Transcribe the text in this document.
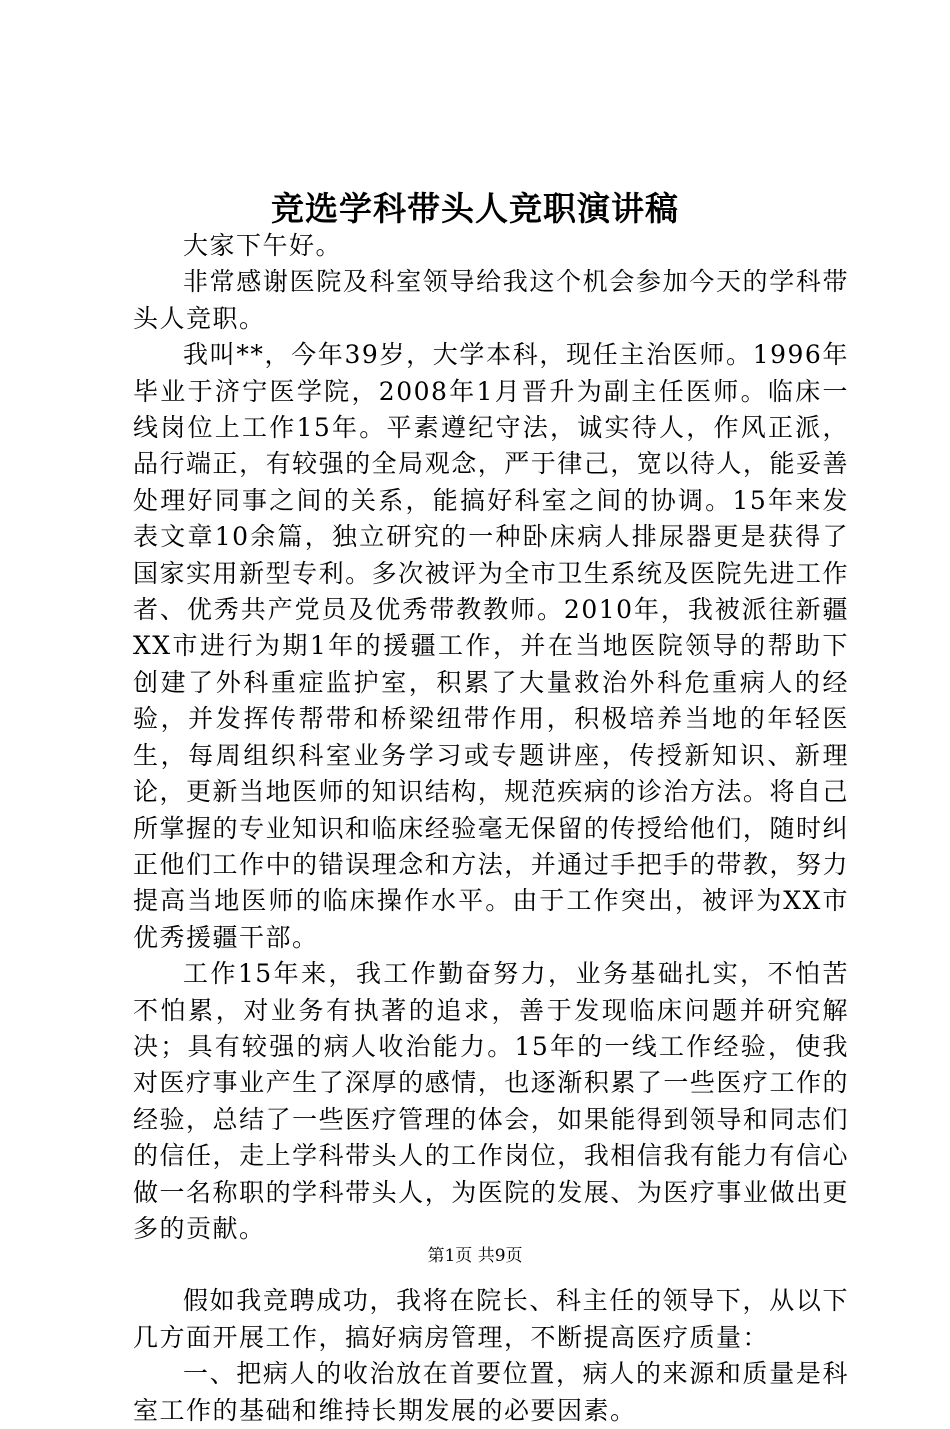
竞选学科带头人竞职演讲稿

大家下午好。

非常感谢医院及科室领导给我这个机会参加今天的学科带头人竞职。

我叫**，今年39岁，大学本科，现任主治医师。1996年毕业于济宁医学院，2008年1月晋升为副主任医师。临床一线岗位上工作15年。平素遵纪守法，诚实待人，作风正派，品行端正，有较强的全局观念，严于律己，宽以待人，能妥善处理好同事之间的关系，能搞好科室之间的协调。15年来发表文章10余篇，独立研究的一种卧床病人排尿器更是获得了国家实用新型专利。多次被评为全市卫生系统及医院先进工作者、优秀共产党员及优秀带教教师。2010年，我被派往新疆XX市进行为期1年的援疆工作，并在当地医院领导的帮助下创建了外科重症监护室，积累了大量救治外科危重病人的经验，并发挥传帮带和桥梁纽带作用，积极培养当地的年轻医生，每周组织科室业务学习或专题讲座，传授新知识、新理论，更新当地医师的知识结构，规范疾病的诊治方法。将自己所掌握的专业知识和临床经验毫无保留的传授给他们，随时纠正他们工作中的错误理念和方法，并通过手把手的带教，努力提高当地医师的临床操作水平。由于工作突出，被评为XX市优秀援疆干部。

工作15年来，我工作勤奋努力，业务基础扎实，不怕苦不怕累，对业务有执著的追求，善于发现临床问题并研究解决；具有较强的病人收治能力。15年的一线工作经验，使我对医疗事业产生了深厚的感情，也逐渐积累了一些医疗工作的经验，总结了一些医疗管理的体会，如果能得到领导和同志们的信任，走上学科带头人的工作岗位，我相信我有能力有信心做一名称职的学科带头人，为医院的发展、为医疗事业做出更多的贡献。

假如我竞聘成功，我将在院长、科主任的领导下，从以下几方面开展工作，搞好病房管理，不断提高医疗质量：

一、把病人的收治放在首要位置，病人的来源和质量是科室工作的基础和维持长期发展的必要因素。

第1页 共9页
